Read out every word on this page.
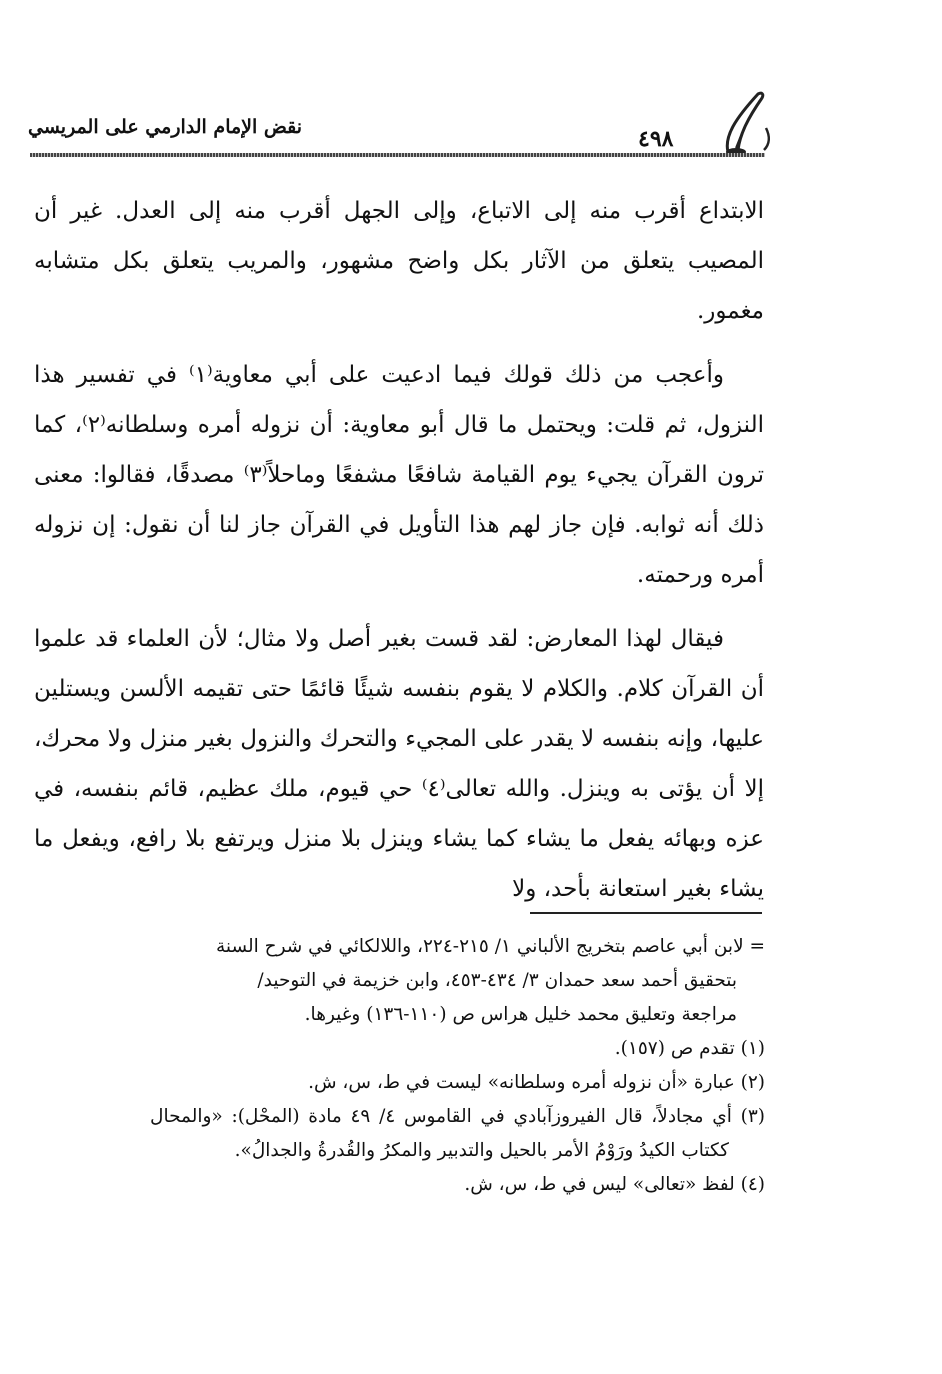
نقض الإمام الدارمي على المريسي	٤٩٨

الابتداع أقرب منه إلى الاتباع، وإلى الجهل أقرب منه إلى العدل. غير أن المصيب يتعلق من الآثار بكل واضح مشهور، والمريب يتعلق بكل متشابه مغمور.

وأعجب من ذلك قولك فيما ادعيت على أبي معاوية⁽١⁾ في تفسير هذا النزول، ثم قلت: ويحتمل ما قال أبو معاوية: أن نزوله أمره وسلطانه⁽٢⁾، كما ترون القرآن يجيء يوم القيامة شافعًا مشفعًا وماحلاً⁽٣⁾ مصدقًا، فقالوا: معنى ذلك أنه ثوابه. فإن جاز لهم هذا التأويل في القرآن جاز لنا أن نقول: إن نزوله أمره ورحمته.

فيقال لهذا المعارض: لقد قست بغير أصل ولا مثال؛ لأن العلماء قد علموا أن القرآن كلام. والكلام لا يقوم بنفسه شيئًا قائمًا حتى تقيمه الألسن ويستلين عليها، وإنه بنفسه لا يقدر على المجيء والتحرك والنزول بغير منزل ولا محرك، إلا أن يؤتى به وينزل. والله تعالى⁽٤⁾ حي قيوم، ملك عظيم، قائم بنفسه، في عزه وبهائه يفعل ما يشاء كما يشاء وينزل بلا منزل ويرتفع بلا رافع، ويفعل ما يشاء بغير استعانة بأحد، ولا

= لابن أبي عاصم بتخريج الألباني ١/ ٢١٥-٢٢٤، واللالكائي في شرح السنة

بتحقيق أحمد سعد حمدان ٣/ ٤٣٤-٤٥٣، وابن خزيمة في التوحيد/

مراجعة وتعليق محمد خليل هراس ص (١١٠-١٣٦) وغيرها.

(١) تقدم ص (١٥٧).

(٢) عبارة «أن نزوله أمره وسلطانه» ليست في ط، س، ش.

(٣) أي مجادلاً، قال الفيروزآبادي في القاموس ٤/ ٤٩ مادة (المحْل): «والمحال ككتاب الكيدُ ورَوْمُ الأمر بالحيل والتدبير والمكرُ والقُدرةُ والجدالُ».

(٤) لفظ «تعالى» ليس في ط، س، ش.
